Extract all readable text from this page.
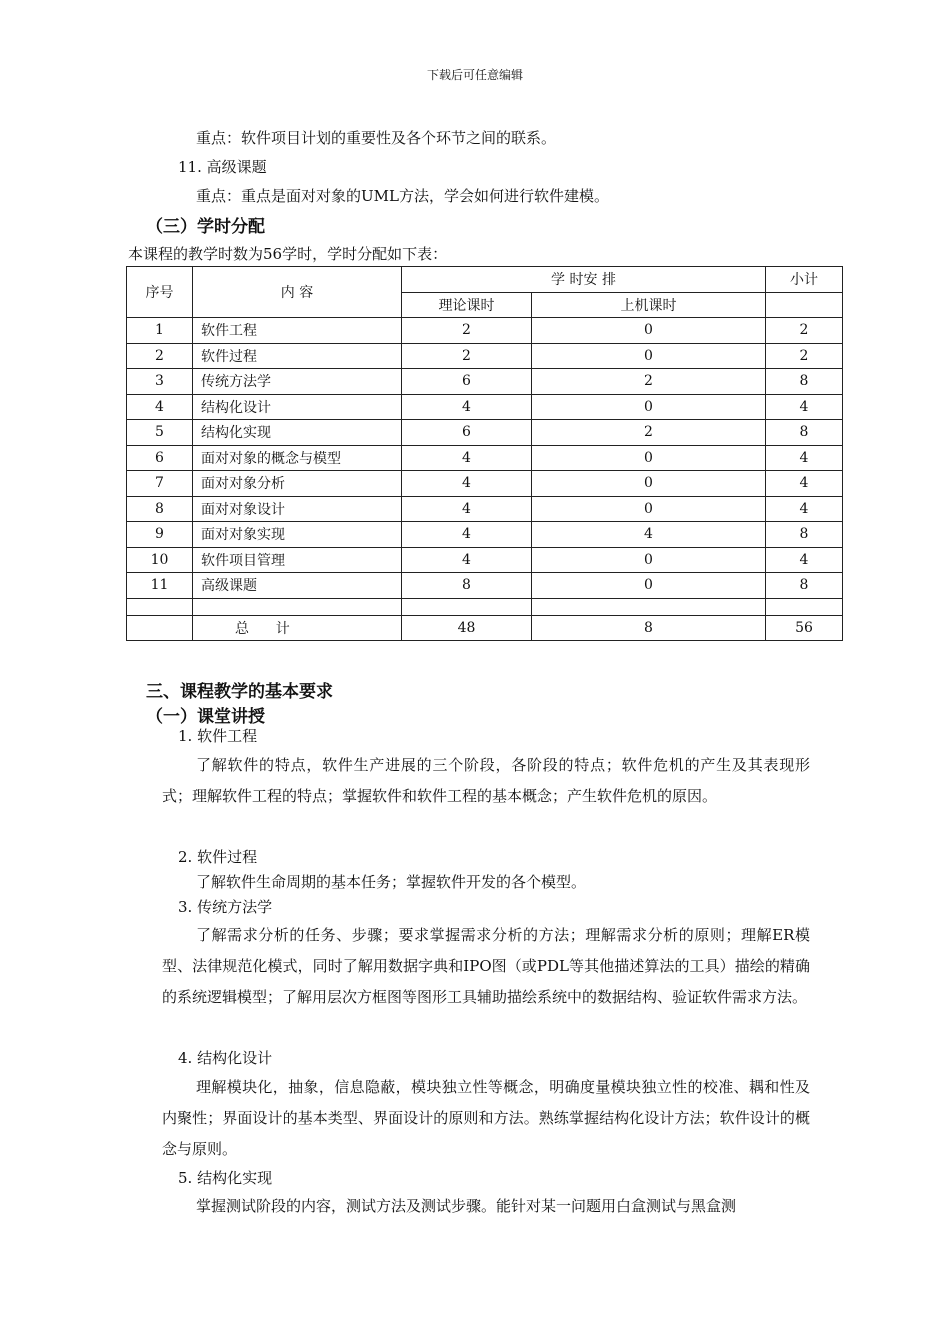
下载后可任意编辑
重点：软件项目计划的重要性及各个环节之间的联系。
11. 高级课题
重点：重点是面对对象的UML方法，学会如何进行软件建模。
（三）学时分配
本课程的教学时数为56学时，学时分配如下表：
序号	内 容	学 时安 排		小计
		理论课时	上机课时	
1	软件工程	2	0	2
2	软件过程	2	0	2
3	传统方法学	6	2	8
4	结构化设计	4	0	4
5	结构化实现	6	2	8
6	面对对象的概念与模型	4	0	4
7	面对对象分析	4	0	4
8	面对对象设计	4	0	4
9	面对对象实现	4	4	8
10	软件项目管理	4	0	4
11	高级课题	8	0	8

	总      计	48	8	56
三、课程教学的基本要求
（一）课堂讲授
1. 软件工程
了解软件的特点，软件生产进展的三个阶段，各阶段的特点；软件危机的产生及其表现形式；理解软件工程的特点；掌握软件和软件工程的基本概念；产生软件危机的原因。
2. 软件过程
了解软件生命周期的基本任务；掌握软件开发的各个模型。
3. 传统方法学
了解需求分析的任务、步骤；要求掌握需求分析的方法；理解需求分析的原则；理解ER模型、法律规范化模式，同时了解用数据字典和IPO图（或PDL等其他描述算法的工具）描绘的精确的系统逻辑模型；了解用层次方框图等图形工具辅助描绘系统中的数据结构、验证软件需求方法。
4. 结构化设计
理解模块化，抽象，信息隐蔽，模块独立性等概念，明确度量模块独立性的校准、耦和性及内聚性；界面设计的基本类型、界面设计的原则和方法。熟练掌握结构化设计方法；软件设计的概念与原则。
5. 结构化实现
掌握测试阶段的内容，测试方法及测试步骤。能针对某一问题用白盒测试与黑盒测
